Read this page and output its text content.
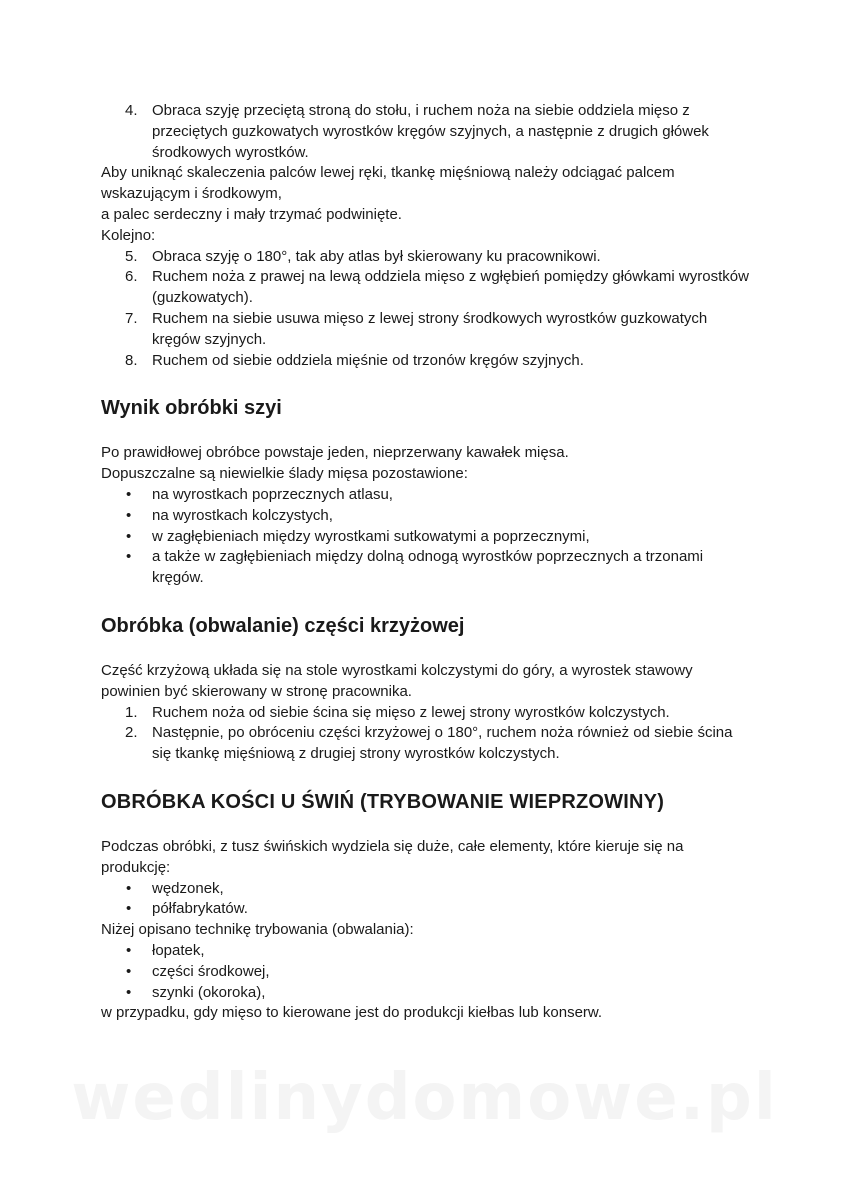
4. Obraca szyję przeciętą stroną do stołu, i ruchem noża na siebie oddziela mięso z przeciętych guzkowatych wyrostków kręgów szyjnych, a następnie z drugich główek środkowych wyrostków.

Aby uniknąć skaleczenia palców lewej ręki, tkankę mięśniową należy odciągać palcem wskazującym i środkowym,

a palec serdeczny i mały trzymać podwinięte.

Kolejno:

5. Obraca szyję o 180°, tak aby atlas był skierowany ku pracownikowi.
6. Ruchem noża z prawej na lewą oddziela mięso z wgłębień pomiędzy główkami wyrostków (guzkowatych).
7. Ruchem na siebie usuwa mięso z lewej strony środkowych wyrostków guzkowatych kręgów szyjnych.
8. Ruchem od siebie oddziela mięśnie od trzonów kręgów szyjnych.
Wynik obróbki szyi

Po prawidłowej obróbce powstaje jeden, nieprzerwany kawałek mięsa.

Dopuszczalne są niewielkie ślady mięsa pozostawione:

• na wyrostkach poprzecznych atlasu,
• na wyrostkach kolczystych,
• w zagłębieniach między wyrostkami sutkowatymi a poprzecznymi,
• a także w zagłębieniach między dolną odnogą wyrostków poprzecznych a trzonami kręgów.
Obróbka (obwalanie) części krzyżowej

Część krzyżową układa się na stole wyrostkami kolczystymi do góry, a wyrostek stawowy powinien być skierowany w stronę pracownika.

1. Ruchem noża od siebie ścina się mięso z lewej strony wyrostków kolczystych.
2. Następnie, po obróceniu części krzyżowej o 180°, ruchem noża również od siebie ścina się tkankę mięśniową z drugiej strony wyrostków kolczystych.
OBRÓBKA KOŚCI U ŚWIŃ (TRYBOWANIE WIEPRZOWINY)

Podczas obróbki, z tusz świńskich wydziela się duże, całe elementy, które kieruje się na produkcję:

• wędzonek,
• półfabrykatów.

Niżej opisano technikę trybowania (obwalania):

• łopatek,
• części środkowej,
• szynki (okoroka),

w przypadku, gdy mięso to kierowane jest do produkcji kiełbas lub konserw.

wedlinydomowe.pl
